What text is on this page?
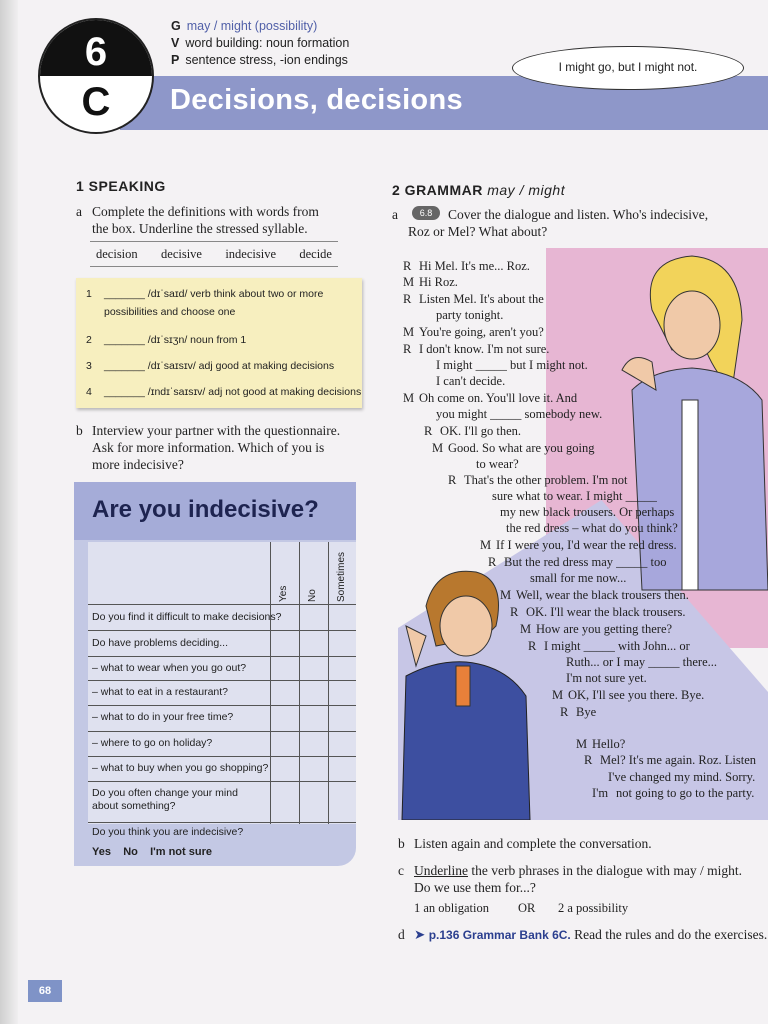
Decisions, decisions
6
C
G may / might (possibility)
V word building: noun formation
P sentence stress, -ion endings	I might go, but I might not.
1 SPEAKING
a Complete the definitions with words from
the box. Underline the stressed syllable.
decision decisive indecisive decide
1 _______ /dɪˈsaɪd/ verb think about two or more
possibilities and choose one
2 _______ /dɪˈsɪʒn/ noun from 1
3 _______ /dɪˈsaɪsɪv/ adj good at making decisions
4 _______ /ɪndɪˈsaɪsɪv/ adj not good at making decisions
b Interview your partner with the questionnaire.
Ask for more information. Which of you is
more indecisive?
Are you indecisive?
Yes No Sometimes
Do you find it difficult to make decisions?
Do have problems deciding...
– what to wear when you go out?
– what to eat in a restaurant?
– what to do in your free time?
– where to go on holiday?
– what to buy when you go shopping?
Do you often change your mind
about something?
Do you think you are indecisive?
Yes    No    I'm not sure
2 GRAMMAR may / might
a	6.8	Cover the dialogue and listen. Who's indecisive,
Roz or Mel? What about?
R Hi Mel. It's me... Roz.
M Hi Roz.
R Listen Mel. It's about the
party tonight.
M You're going, aren't you?
R I don't know. I'm not sure.
I might _____ but I might not.
I can't decide.
M Oh come on. You'll love it. And
you might _____ somebody new.
R OK. I'll go then.
M Good. So what are you going
to wear?
R That's the other problem. I'm not
sure what to wear. I might _____
my new black trousers. Or perhaps
the red dress – what do you think?
M If I were you, I'd wear the red dress.
R But the red dress may _____ too
small for me now...
M Well, wear the black trousers then.
R OK. I'll wear the black trousers.
M How are you getting there?
R I might _____ with John... or
Ruth... or I may _____ there...
I'm not sure yet.
M OK, I'll see you there. Bye.
R Bye
M Hello?
R Mel? It's me again. Roz. Listen
I've changed my mind. Sorry. I'm not going to go to the party.
b Listen again and complete the conversation.
c Underline the verb phrases in the dialogue with may / might.
Do we use them for...?
1 an obligation OR 2 a possibility
d ➤ p.136 Grammar Bank 6C. Read the rules and do the exercises.
68
